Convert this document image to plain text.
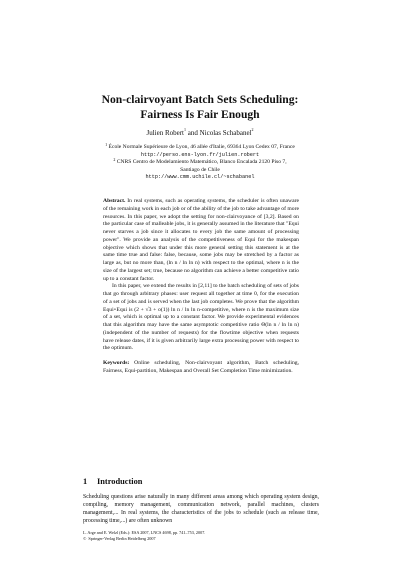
Non-clairvoyant Batch Sets Scheduling:
Fairness Is Fair Enough
Julien Robert$^1$ and Nicolas Schabanel$^2$
$^1$ École Normale Supérieure de Lyon, 46 allée d'Italie, 69364 Lyon Cedex 07, France
http://perso.ens-lyon.fr/julien.robert
$^2$ CNRS Centro de Modelamiento Matemático, Blanco Encalada 2120 Piso 7,
Santiago de Chile
http://www.cmm.uchile.cl/~schabanel

Abstract. In real systems, such as operating systems, the scheduler is often unaware of the remaining work in each job or of the ability of the job to take advantage of more resources. In this paper, we adopt the setting for non-clairvoyance of [3,2]. Based on the particular case of malleable jobs, it is generally assumed in the literature that "Equi never starves a job since it allocates to every job the same amount of processing power". We provide an analysis of the competitiveness of Equi for the makespan objective which shows that under this more general setting this statement is at the same time true and false: false, because, some jobs may be stretched by a factor as large as, but no more than, (ln n / ln ln n) with respect to the optimal, where n is the size of the largest set; true, because no algorithm can achieve a better competitive ratio up to a constant factor.

In this paper, we extend the results in [2,11] to the batch scheduling of sets of jobs that go through arbitrary phases: user request all together at time 0, for the execution of a set of jobs and is served when the last job completes. We prove that the algorithm Equi∘Equi is (2 + √3 + o(1)) ln n / ln ln n-competitive, where n is the maximum size of a set, which is optimal up to a constant factor. We provide experimental evidences that this algorithm may have the same asymptotic competitive ratio Θ(ln n / ln ln n) (independent of the number of requests) for the flowtime objective when requests have release dates, if it is given arbitrarily large extra processing power with respect to the optimum.

Keywords: Online scheduling, Non-clairvoyant algorithm, Batch scheduling, Fairness, Equi-partition, Makespan and Overall Set Completion Time minimization.

1 Introduction
Scheduling questions arise naturally in many different areas among which operating system design, compiling, memory management, communication network, parallel machines, clusters management,... In real systems, the characteristics of the jobs to schedule (such as release time, processing time,...) are often unknown
L. Arge and E. Welzl (Eds.): ESA 2007, LNCS 4698, pp. 741–753, 2007.
© Springer-Verlag Berlin Heidelberg 2007
